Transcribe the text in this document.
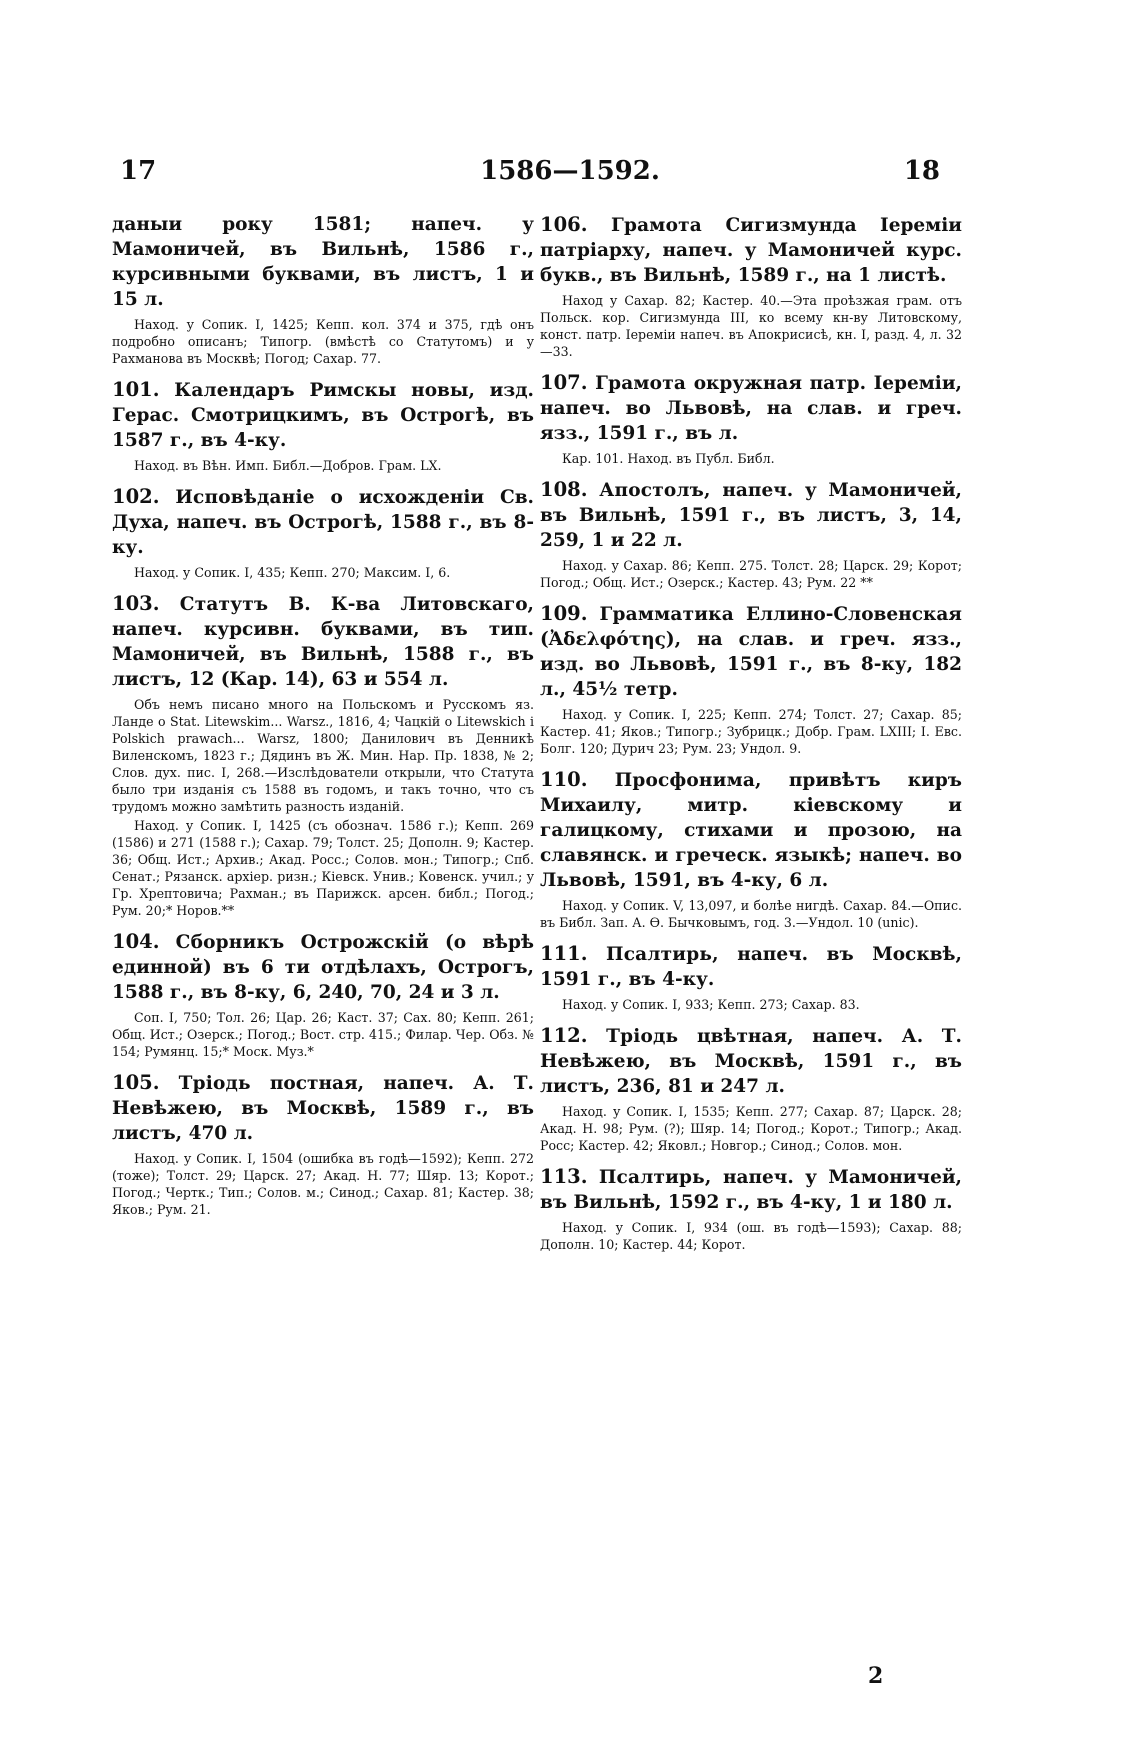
17	1586—1592.	18

даныи року 1581; напеч. у Мамоничей, въ Вильнѣ, 1586 г., курсивными буквами, въ листъ, 1 и 15 л.

Наход. у Сопик. I, 1425; Кепп. кол. 374 и 375, гдѣ онъ подробно описанъ; Типогр. (вмѣстѣ со Статутомъ) и у Рахманова въ Москвѣ; Погод; Сахар. 77.

101. Календаръ Римскы новы, изд. Герас. Смотрицкимъ, въ Острогѣ, въ 1587 г., въ 4-ку.

Наход. въ Вѣн. Имп. Библ.—Добров. Грам. LX.

102. Исповѣданіе о исхожденіи Св. Духа, напеч. въ Острогѣ, 1588 г., въ 8-ку.

Наход. у Сопик. I, 435; Кепп. 270; Максим. I, 6.

103. Статутъ В. К-ва Литовскаго, напеч. курсивн. буквами, въ тип. Мамоничей, въ Вильнѣ, 1588 г., въ листъ, 12 (Кар. 14), 63 и 554 л.

Объ немъ писано много на Польскомъ и Русскомъ яз. Ландe о Stat. Litewskim... Warsz., 1816, 4; Чацкій o Litewskich i Polskich prawach... Warsz, 1800; Данилович въ Денникѣ Виленскомъ, 1823 г.; Дядинъ въ Ж. Мин. Нар. Пр. 1838, № 2; Слов. дух. пис. I, 268.—Изслѣдователи открыли, что Статута было три изданія съ 1588 въ годомъ, и такъ точно, что съ трудомъ можно замѣтить разность изданій.

Наход. у Сопик. I, 1425 (съ обознач. 1586 г.); Кепп. 269 (1586) и 271 (1588 г.); Сахар. 79; Толст. 25; Дополн. 9; Кастер. 36; Общ. Ист.; Архив.; Акад. Росс.; Солов. мон.; Типогр.; Спб. Сенат.; Рязанск. архіер. ризн.; Кіевск. Унив.; Ковенск. учил.; у Гр. Хрептовича; Рахман.; въ Парижск. арсен. библ.; Погод.; Рум. 20;* Норов.**

104. Сборникъ Острожскій (о вѣрѣ единной) въ 6 ти отдѣлахъ, Острогъ, 1588 г., въ 8-ку, 6, 240, 70, 24 и 3 л.

Соп. I, 750; Тол. 26; Цар. 26; Каст. 37; Сах. 80; Кепп. 261; Общ. Ист.; Озерск.; Погод.; Вост. стр. 415.; Филар. Чер. Обз. № 154; Румянц. 15;* Моск. Муз.*

105. Тріодь постная, напеч. А. Т. Невѣжею, въ Москвѣ, 1589 г., въ листъ, 470 л.

Наход. у Сопик. I, 1504 (ошибка въ годѣ—1592); Кепп. 272 (тоже); Толст. 29; Царск. 27; Акад. Н. 77; Шяр. 13; Корот.; Погод.; Чертк.; Тип.; Солов. м.; Синод.; Сахар. 81; Кастер. 38; Яков.; Рум. 21.

106. Грамота Сигизмунда Іереміи патріарху, напеч. у Мамоничей курс. букв., въ Вильнѣ, 1589 г., на 1 листѣ.

Наход у Сахар. 82; Кастер. 40.—Эта проѣзжая грам. отъ Польск. кор. Сигизмунда III, ко всему кн-ву Литовскому, конст. патр. Іереміи напеч. въ Апокрисисѣ, кн. I, разд. 4, л. 32—33.

107. Грамота окружная патр. Іереміи, напеч. во Львовѣ, на слав. и греч. язз., 1591 г., въ л.

Кар. 101. Наход. въ Публ. Библ.

108. Апостолъ, напеч. у Мамоничей, въ Вильнѣ, 1591 г., въ листъ, 3, 14, 259, 1 и 22 л.

Наход. у Сахар. 86; Кепп. 275. Толст. 28; Царск. 29; Корот; Погод.; Общ. Ист.; Озерск.; Кастер. 43; Рум. 22 **

109. Грамматика Еллино-Словенская (Ἀδελφότης), на слав. и греч. язз., изд. во Львовѣ, 1591 г., въ 8-ку, 182 л., 45½ тетр.

Наход. у Сопик. I, 225; Кепп. 274; Толст. 27; Сахар. 85; Кастер. 41; Яков.; Типогр.; Зубрицк.; Добр. Грам. LXIII; I. Евс. Болг. 120; Дурич 23; Рум. 23; Ундол. 9.

110. Просфонима, привѣтъ киръ Михаилу, митр. кіевскому и галицкому, стихами и прозою, на славянск. и греческ. языкѣ; напеч. во Львовѣ, 1591, въ 4-ку, 6 л.

Наход. у Сопик. V, 13,097, и болѣе нигдѣ. Сахар. 84.—Опис. въ Библ. Зап. А. Ѳ. Бычковымъ, год. 3.—Ундол. 10 (unic).

111. Псалтирь, напеч. въ Москвѣ, 1591 г., въ 4-ку.

Наход. у Сопик. I, 933; Кепп. 273; Сахар. 83.

112. Тріодь цвѣтная, напеч. А. Т. Невѣжею, въ Москвѣ, 1591 г., въ листъ, 236, 81 и 247 л.

Наход. у Сопик. I, 1535; Кепп. 277; Сахар. 87; Царск. 28; Акад. Н. 98; Рум. (?); Шяр. 14; Погод.; Корот.; Типогр.; Акад. Росс; Кастер. 42; Яковл.; Новгор.; Синод.; Солов. мон.

113. Псалтирь, напеч. у Мамоничей, въ Вильнѣ, 1592 г., въ 4-ку, 1 и 180 л.

Наход. у Сопик. I, 934 (ош. въ годѣ—1593); Сахар. 88; Дополн. 10; Кастер. 44; Корот.

2
